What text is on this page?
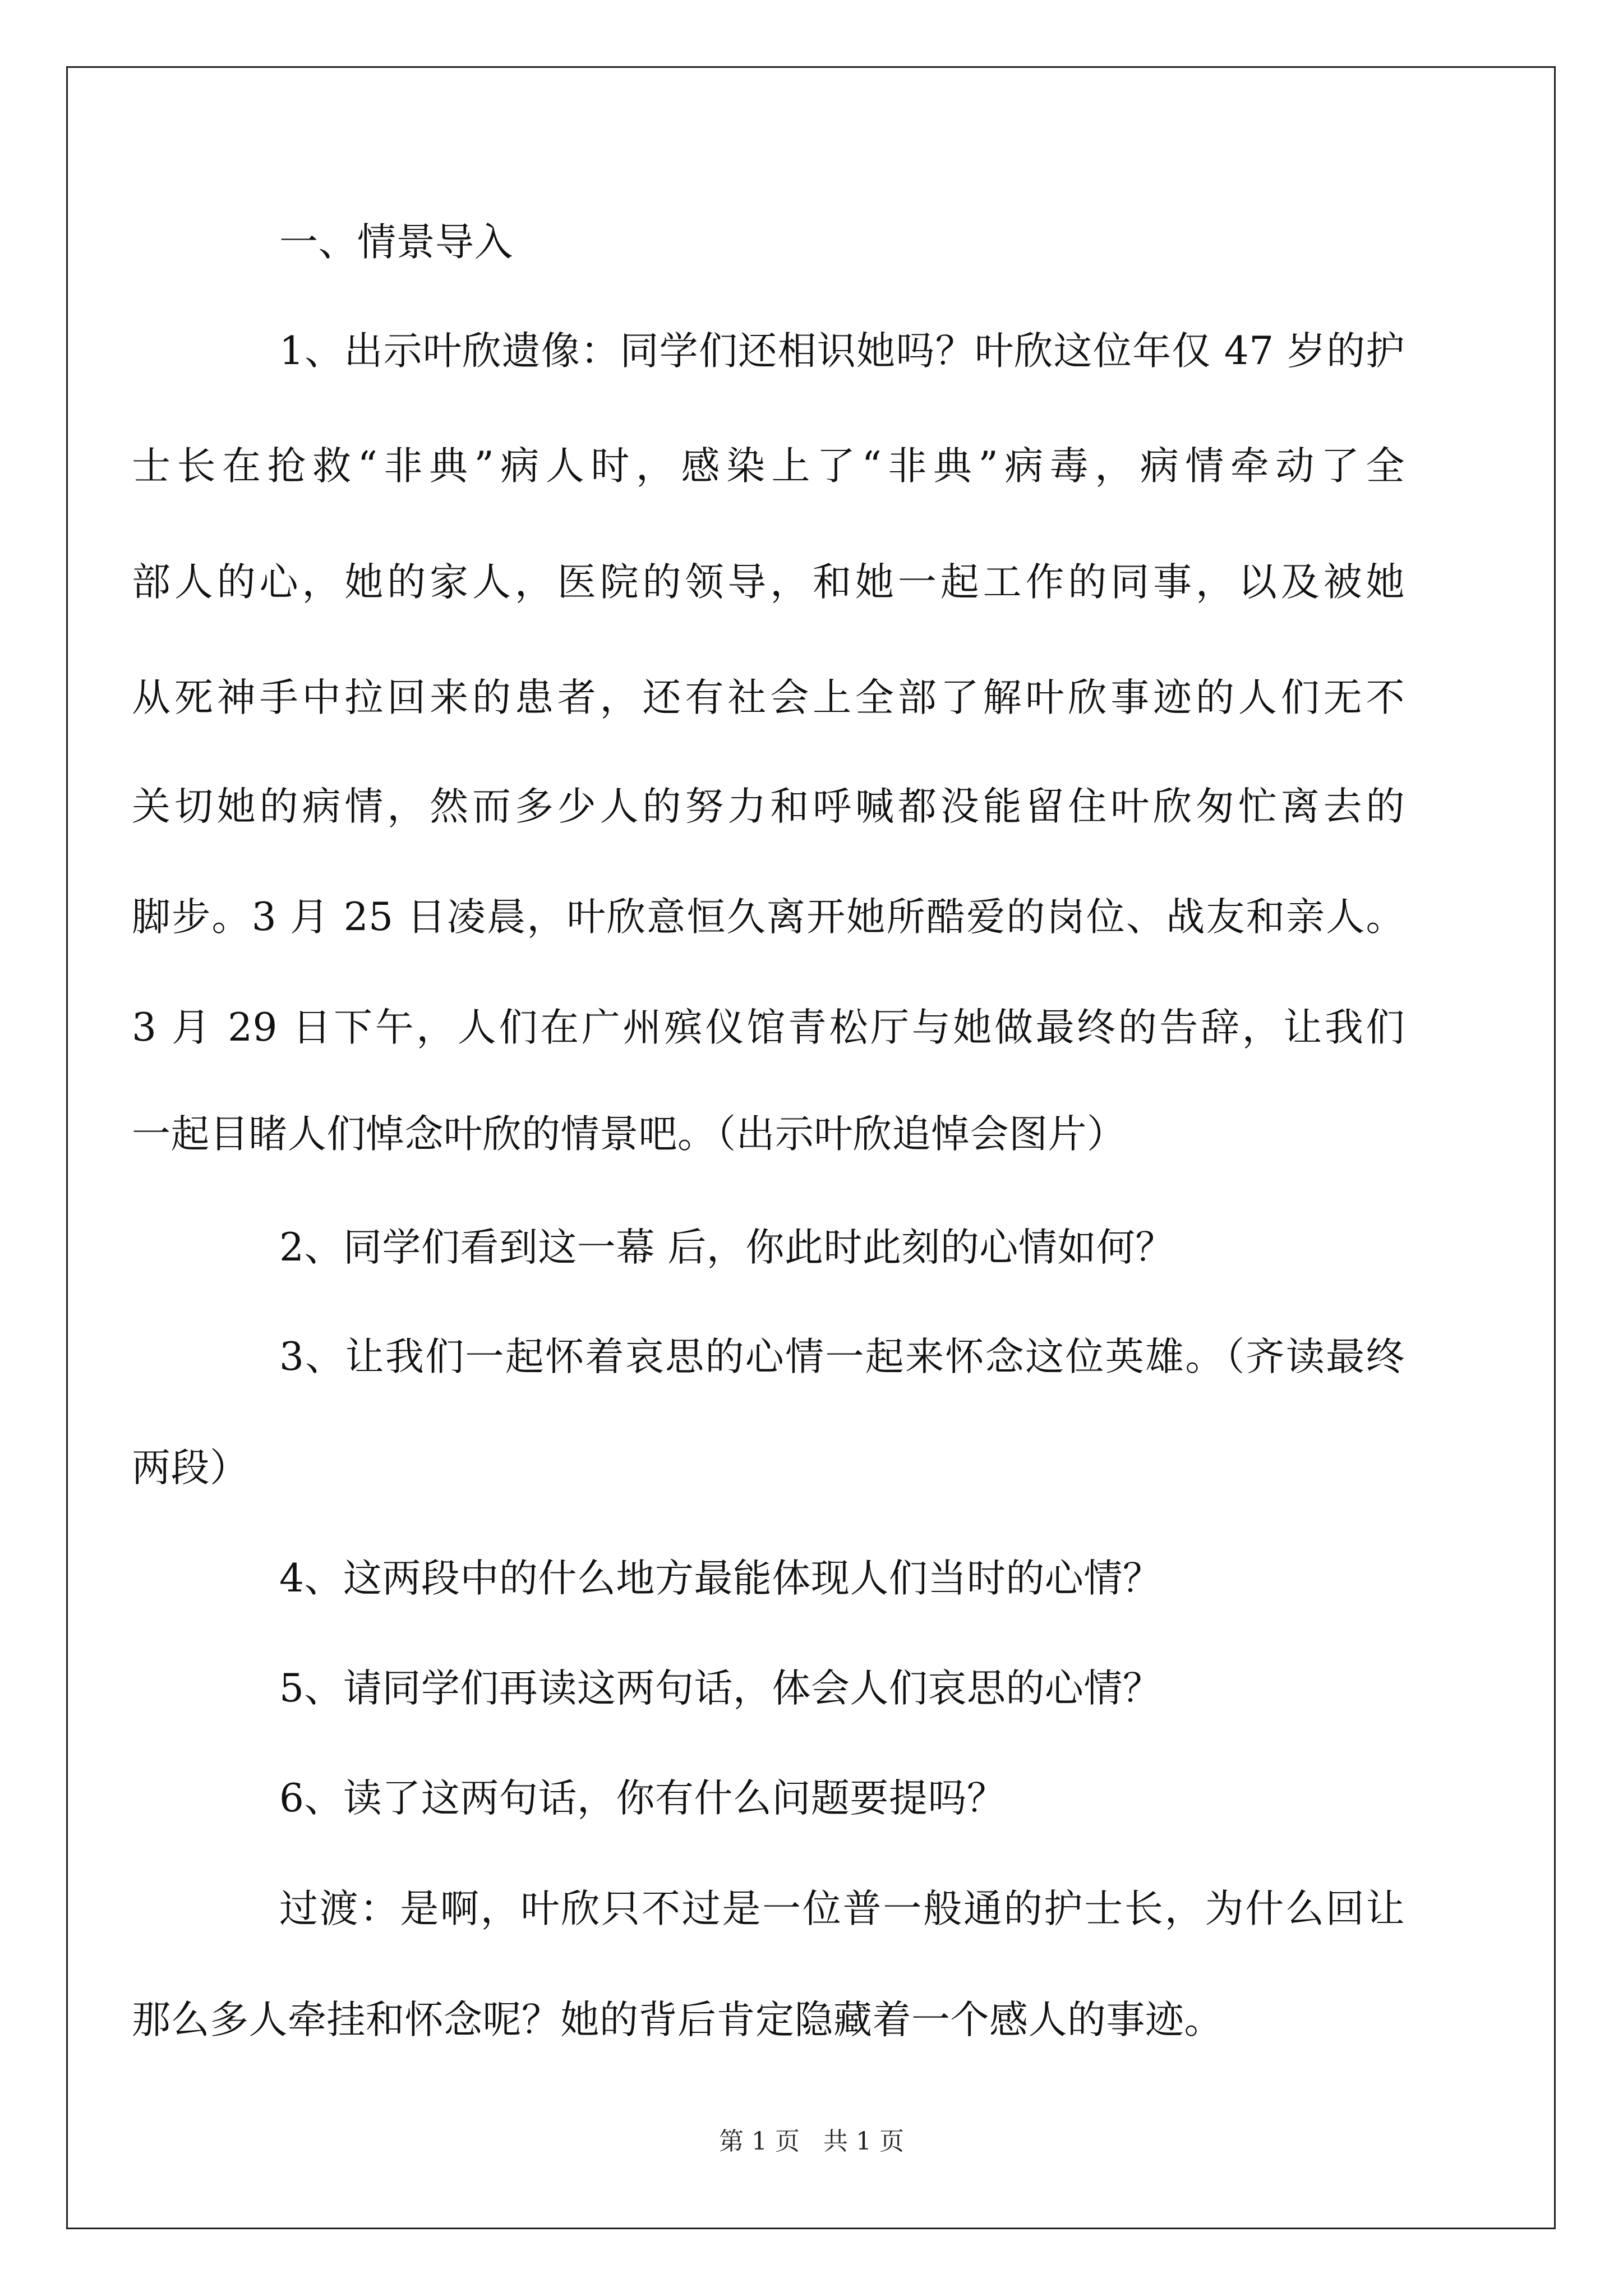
一、情景导入
1、出示叶欣遗像：同学们还相识她吗？叶欣这位年仅 47 岁的护
士长在抢救“非典”病人时，感染上了“非典”病毒，病情牵动了全
部人的心，她的家人，医院的领导，和她一起工作的同事，以及被她
从死神手中拉回来的患者，还有社会上全部了解叶欣事迹的人们无不
关切她的病情，然而多少人的努力和呼喊都没能留住叶欣匆忙离去的
脚步。3 月 25 日凌晨，叶欣意恒久离开她所酷爱的岗位、战友和亲人。
3 月 29 日下午，人们在广州殡仪馆青松厅与她做最终的告辞，让我们
一起目睹人们悼念叶欣的情景吧。（出示叶欣追悼会图片）
2、同学们看到这一幕 后，你此时此刻的心情如何？
3、让我们一起怀着哀思的心情一起来怀念这位英雄。（齐读最终
两段）
4、这两段中的什么地方最能体现人们当时的心情？
5、请同学们再读这两句话，体会人们哀思的心情？
6、读了这两句话，你有什么问题要提吗？
过渡：是啊，叶欣只不过是一位普一般通的护士长，为什么回让
那么多人牵挂和怀念呢？她的背后肯定隐藏着一个感人的事迹。
第 1 页   共 1 页
